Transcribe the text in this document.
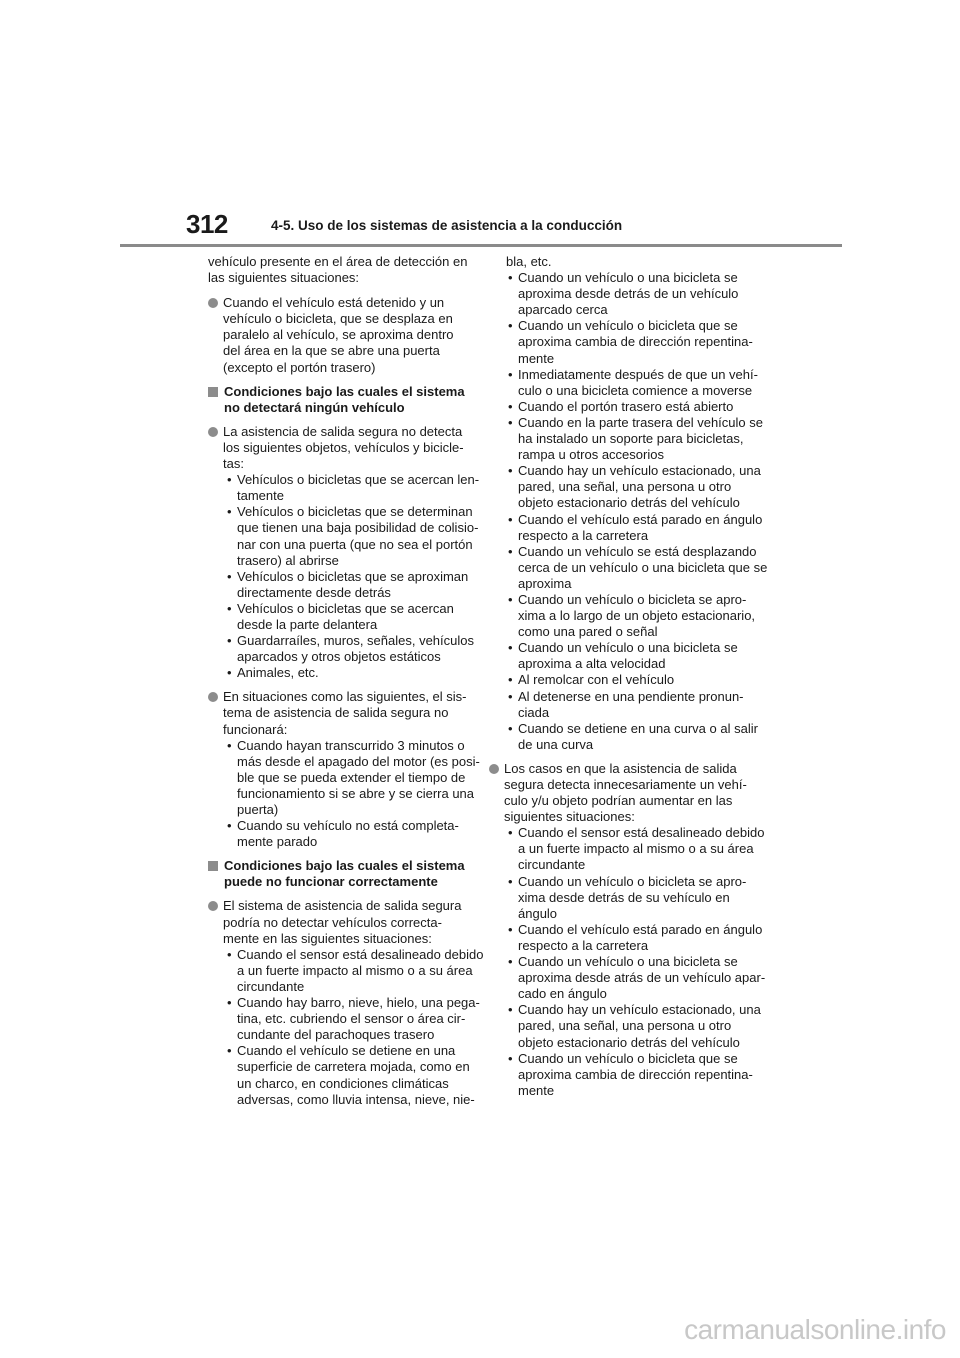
312	4-5. Uso de los sistemas de asistencia a la conducción
vehículo presente en el área de detección en
las siguientes situaciones:
Cuando el vehículo está detenido y un
vehículo o bicicleta, que se desplaza en
paralelo al vehículo, se aproxima dentro
del área en la que se abre una puerta
(excepto el portón trasero)
Condiciones bajo las cuales el sistema
no detectará ningún vehículo
La asistencia de salida segura no detecta
los siguientes objetos, vehículos y bicicle-
tas:
• Vehículos o bicicletas que se acercan len-
tamente
• Vehículos o bicicletas que se determinan
que tienen una baja posibilidad de colisio-
nar con una puerta (que no sea el portón
trasero) al abrirse
• Vehículos o bicicletas que se aproximan
directamente desde detrás
• Vehículos o bicicletas que se acercan
desde la parte delantera
• Guardarraíles, muros, señales, vehículos
aparcados y otros objetos estáticos
• Animales, etc.
En situaciones como las siguientes, el sis-
tema de asistencia de salida segura no
funcionará:
• Cuando hayan transcurrido 3 minutos o
más desde el apagado del motor (es posi-
ble que se pueda extender el tiempo de
funcionamiento si se abre y se cierra una
puerta)
• Cuando su vehículo no está completa-
mente parado
Condiciones bajo las cuales el sistema
puede no funcionar correctamente
El sistema de asistencia de salida segura
podría no detectar vehículos correcta-
mente en las siguientes situaciones:
• Cuando el sensor está desalineado debido
a un fuerte impacto al mismo o a su área
circundante
• Cuando hay barro, nieve, hielo, una pega-
tina, etc. cubriendo el sensor o área cir-
cundante del parachoques trasero
• Cuando el vehículo se detiene en una
superficie de carretera mojada, como en
un charco, en condiciones climáticas
adversas, como lluvia intensa, nieve, nie-
bla, etc.
• Cuando un vehículo o una bicicleta se
aproxima desde detrás de un vehículo
aparcado cerca
• Cuando un vehículo o bicicleta que se
aproxima cambia de dirección repentina-
mente
• Inmediatamente después de que un vehí-
culo o una bicicleta comience a moverse
• Cuando el portón trasero está abierto
• Cuando en la parte trasera del vehículo se
ha instalado un soporte para bicicletas,
rampa u otros accesorios
• Cuando hay un vehículo estacionado, una
pared, una señal, una persona u otro
objeto estacionario detrás del vehículo
• Cuando el vehículo está parado en ángulo
respecto a la carretera
• Cuando un vehículo se está desplazando
cerca de un vehículo o una bicicleta que se
aproxima
• Cuando un vehículo o bicicleta se apro-
xima a lo largo de un objeto estacionario,
como una pared o señal
• Cuando un vehículo o una bicicleta se
aproxima a alta velocidad
• Al remolcar con el vehículo
• Al detenerse en una pendiente pronun-
ciada
• Cuando se detiene en una curva o al salir
de una curva
Los casos en que la asistencia de salida
segura detecta innecesariamente un vehí-
culo y/u objeto podrían aumentar en las
siguientes situaciones:
• Cuando el sensor está desalineado debido
a un fuerte impacto al mismo o a su área
circundante
• Cuando un vehículo o bicicleta se apro-
xima desde detrás de su vehículo en
ángulo
• Cuando el vehículo está parado en ángulo
respecto a la carretera
• Cuando un vehículo o una bicicleta se
aproxima desde atrás de un vehículo apar-
cado en ángulo
• Cuando hay un vehículo estacionado, una
pared, una señal, una persona u otro
objeto estacionario detrás del vehículo
• Cuando un vehículo o bicicleta que se
aproxima cambia de dirección repentina-
mente
carmanualsonline.info
